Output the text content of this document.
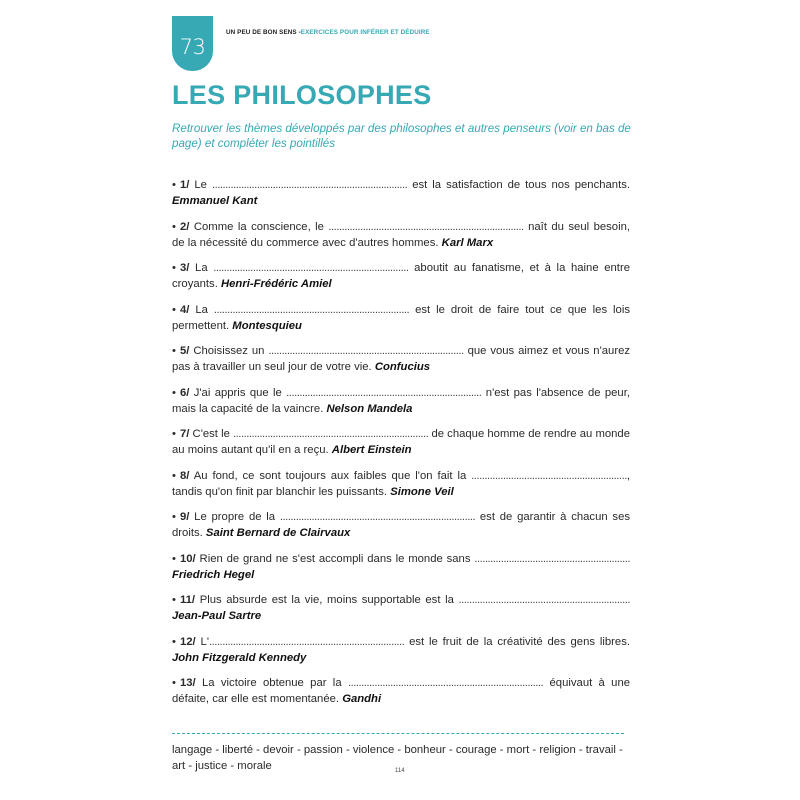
73
UN PEU DE BON SENS -EXERCICES POUR INFÉRER ET DÉDUIRE
LES PHILOSOPHES

Retrouver les thèmes développés par des philosophes et autres penseurs (voir en bas de page) et compléter les pointillés

• 1/ Le .......................................................................... est la satisfaction de tous nos penchants. Emmanuel Kant

• 2/ Comme la conscience, le .......................................................................... naît du seul besoin, de la nécessité du commerce avec d'autres hommes. Karl Marx

• 3/ La .......................................................................... aboutit au fanatisme, et à la haine entre croyants. Henri-Frédéric Amiel

• 4/ La .......................................................................... est le droit de faire tout ce que les lois permettent. Montesquieu

• 5/ Choisissez un .......................................................................... que vous aimez et vous n'aurez pas à travailler un seul jour de votre vie. Confucius

• 6/ J'ai appris que le .......................................................................... n'est pas l'absence de peur, mais la capacité de la vaincre. Nelson Mandela

• 7/ C'est le .......................................................................... de chaque homme de rendre au monde au moins autant qu'il en a reçu. Albert Einstein

• 8/ Au fond, ce sont toujours aux faibles que l'on fait la ..........................................................., tandis qu'on finit par blanchir les puissants. Simone Veil

• 9/ Le propre de la .......................................................................... est de garantir à chacun ses droits. Saint Bernard de Clairvaux

• 10/ Rien de grand ne s'est accompli dans le monde sans ........................................................... Friedrich Hegel

• 11/ Plus absurde est la vie, moins supportable est la ................................................................. Jean-Paul Sartre

• 12/ L'.......................................................................... est le fruit de la créativité des gens libres. John Fitzgerald Kennedy

• 13/ La victoire obtenue par la .......................................................................... équivaut à une défaite, car elle est momentanée. Gandhi

langage - liberté - devoir - passion - violence - bonheur - courage - mort - religion - travail - art - justice - morale	114
